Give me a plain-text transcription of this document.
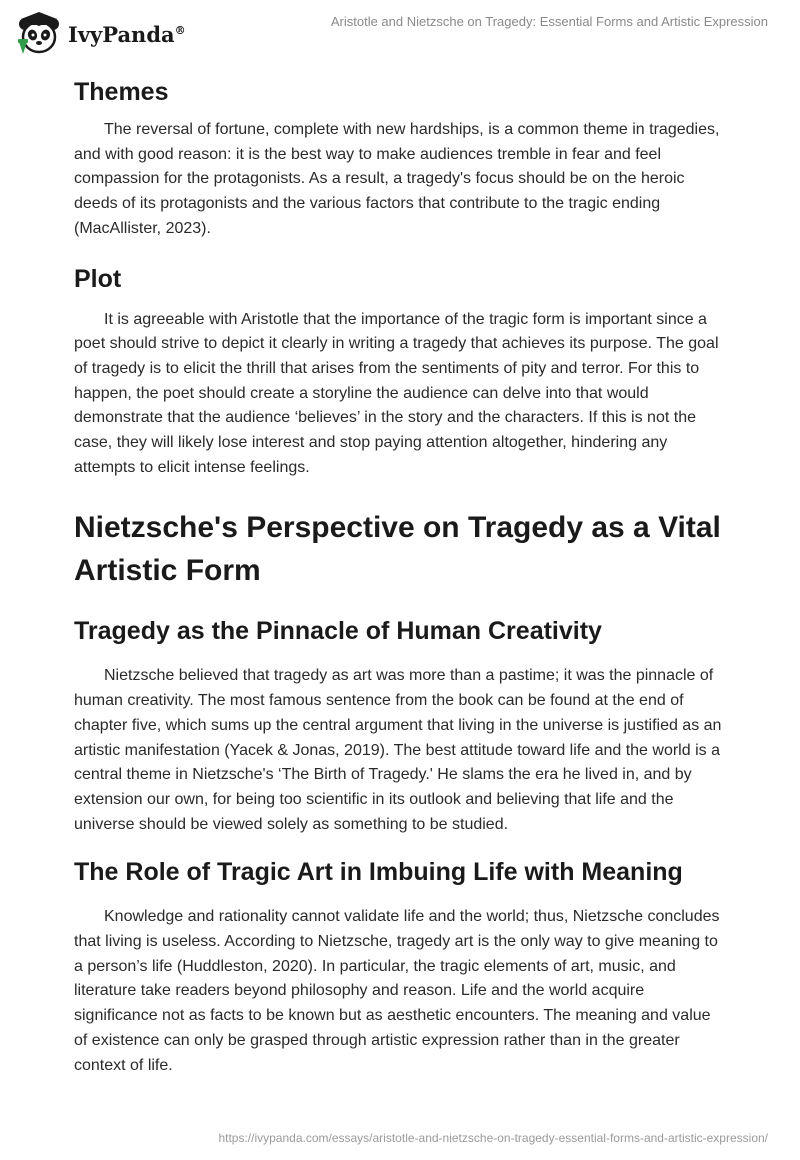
IvyPanda®
Aristotle and Nietzsche on Tragedy: Essential Forms and Artistic Expression
Themes

The reversal of fortune, complete with new hardships, is a common theme in tragedies, and with good reason: it is the best way to make audiences tremble in fear and feel compassion for the protagonists. As a result, a tragedy's focus should be on the heroic deeds of its protagonists and the various factors that contribute to the tragic ending (MacAllister, 2023).

Plot

It is agreeable with Aristotle that the importance of the tragic form is important since a poet should strive to depict it clearly in writing a tragedy that achieves its purpose. The goal of tragedy is to elicit the thrill that arises from the sentiments of pity and terror. For this to happen, the poet should create a storyline the audience can delve into that would demonstrate that the audience ‘believes’ in the story and the characters. If this is not the case, they will likely lose interest and stop paying attention altogether, hindering any attempts to elicit intense feelings.

Nietzsche's Perspective on Tragedy as a Vital Artistic Form
Tragedy as the Pinnacle of Human Creativity

Nietzsche believed that tragedy as art was more than a pastime; it was the pinnacle of human creativity. The most famous sentence from the book can be found at the end of chapter five, which sums up the central argument that living in the universe is justified as an artistic manifestation (Yacek & Jonas, 2019). The best attitude toward life and the world is a central theme in Nietzsche's ‘The Birth of Tragedy.' He slams the era he lived in, and by extension our own, for being too scientific in its outlook and believing that life and the universe should be viewed solely as something to be studied.

The Role of Tragic Art in Imbuing Life with Meaning

Knowledge and rationality cannot validate life and the world; thus, Nietzsche concludes that living is useless. According to Nietzsche, tragedy art is the only way to give meaning to a person’s life (Huddleston, 2020). In particular, the tragic elements of art, music, and literature take readers beyond philosophy and reason. Life and the world acquire significance not as facts to be known but as aesthetic encounters. The meaning and value of existence can only be grasped through artistic expression rather than in the greater context of life.

https://ivypanda.com/essays/aristotle-and-nietzsche-on-tragedy-essential-forms-and-artistic-expression/
